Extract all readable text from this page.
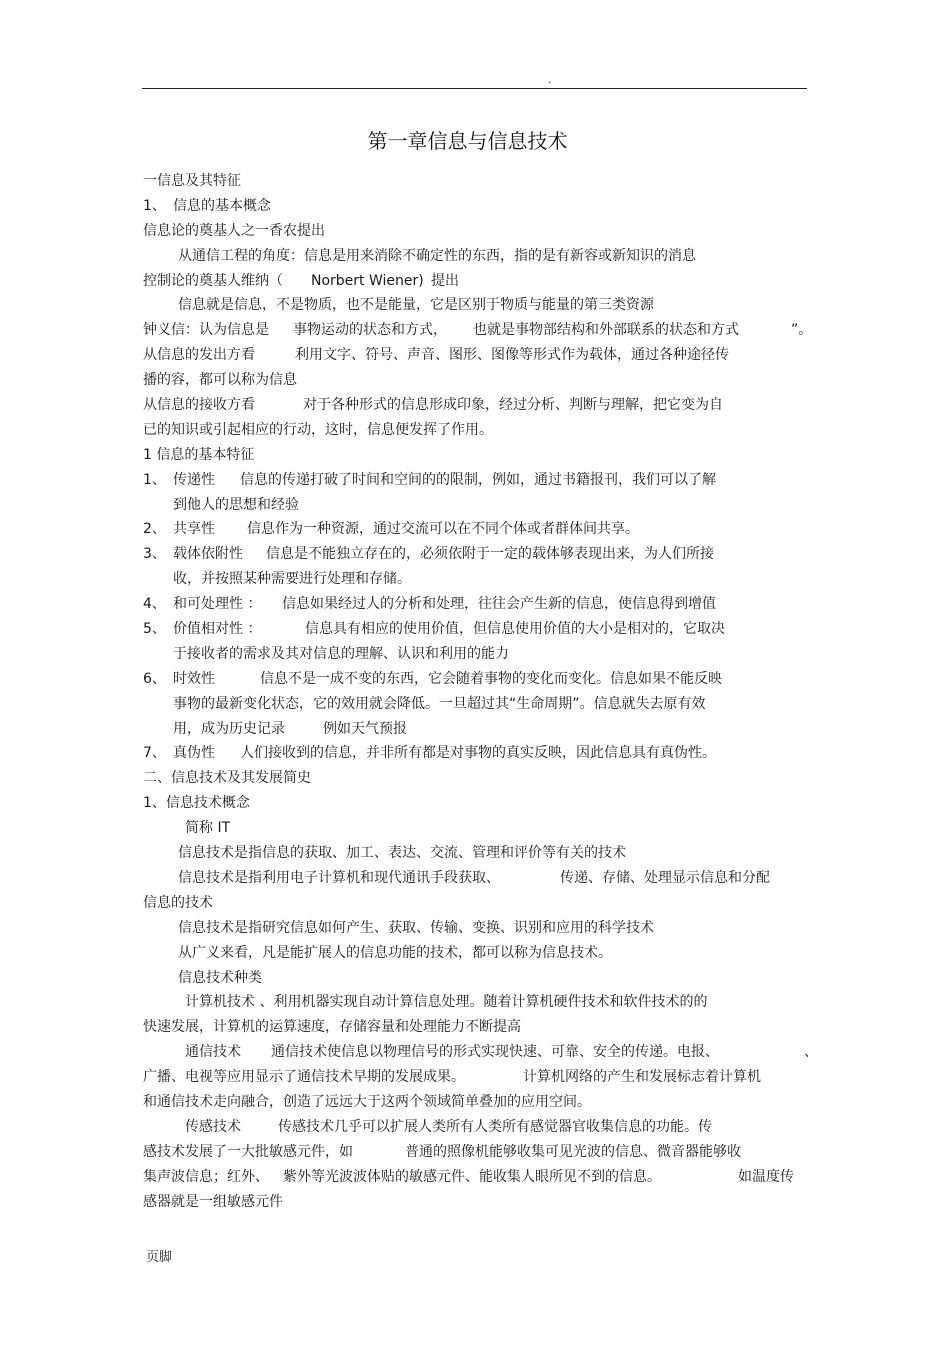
.
第一章信息与信息技术
一信息及其特征
1、 信息的基本概念
信息论的奠基人之一香农提出
从通信工程的角度：信息是用来消除不确定性的东西，指的是有新容或新知识的消息
控制论的奠基人维纳（ Norbert Wiener) 提出
信息就是信息，不是物质，也不是能量，它是区别于物质与能量的第三类资源
钟义信：认为信息是 事物运动的状态和方式， 也就是事物部结构和外部联系的状态和方式	”。
从信息的发出方看	利用文字、符号、声音、图形、图像等形式作为载体，通过各种途径传
播的容，都可以称为信息
从信息的接收方看	对于各种形式的信息形成印象，经过分析、判断与理解，把它变为自
已的知识或引起相应的行动，这时，信息便发挥了作用。
1 信息的基本特征
1、 传递性 信息的传递打破了时间和空间的的限制，例如，通过书籍报刊，我们可以了解
到他人的思想和经验
2、 共享性 信息作为一种资源，通过交流可以在不同个体或者群体间共享。
3、 载体依附性 信息是不能独立存在的，必须依附于一定的载体够表现出来，为人们所接
收，并按照某种需要进行处理和存储。
4、 和可处理性 ： 信息如果经过人的分析和处理，往往会产生新的信息，使信息得到增值
5、 价值相对性 ：	信息具有相应的使用价值，但信息使用价值的大小是相对的，它取决
于接收者的需求及其对信息的理解、认识和利用的能力
6、 时效性	信息不是一成不变的东西，它会随着事物的变化而变化。信息如果不能反映
事物的最新变化状态，它的效用就会降低。一旦超过其“生命周期”。信息就失去原有效
用，成为历史记录	例如天气预报
7、 真伪性 人们接收到的信息，并非所有都是对事物的真实反映，因此信息具有真伪性。
二、信息技术及其发展简史
1、信息技术概念
简称 IT
信息技术是指信息的获取、加工、表达、交流、管理和评价等有关的技术
信息技术是指利用电子计算机和现代通讯手段获取、	传递、存储、处理显示信息和分配
信息的技术
信息技术是指研究信息如何产生、获取、传输、变换、识别和应用的科学技术
从广义来看，凡是能扩展人的信息功能的技术，都可以称为信息技术。
信息技术种类
计算机技术 、利用机器实现自动计算信息处理。随着计算机硬件技术和软件技术的的
快速发展，计算机的运算速度，存储容量和处理能力不断提高
通信技术 通信技术使信息以物理信号的形式实现快速、可靠、安全的传递。电报、	、
广播、电视等应用显示了通信技术早期的发展成果。	计算机网络的产生和发展标志着计算机
和通信技术走向融合，创造了远远大于这两个领域简单叠加的应用空间。
传感技术	传感技术几乎可以扩展人类所有人类所有感觉器官收集信息的功能。传
感技术发展了一大批敏感元件，如	普通的照像机能够收集可见光波的信息、微音器能够收
集声波信息；红外、 紫外等光波波体贴的敏感元件、能收集人眼所见不到的信息。	如温度传
感器就是一组敏感元件
页脚
